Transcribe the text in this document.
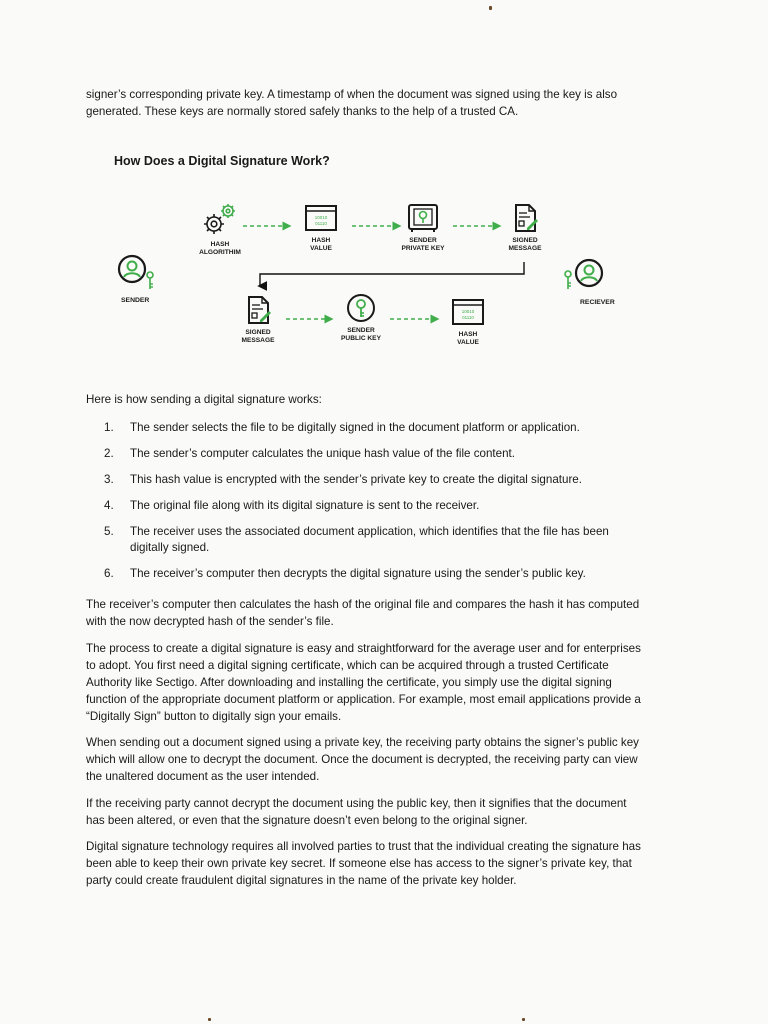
signer’s corresponding private key. A timestamp of when the document was signed using the key is also generated. These keys are normally stored safely thanks to the help of a trusted CA.
How Does a Digital Signature Work?
HASH
ALGORITHIM
10010
01110
HASH
VALUE
SENDER
PRIVATE KEY
SIGNED
MESSAGE
SIGNED
MESSAGE
SENDER
PUBLIC KEY
10010
01110
HASH
VALUE
SENDER	RECIEVER
Here is how sending a digital signature works:
1.	The sender selects the file to be digitally signed in the document platform or application.
2.	The sender’s computer calculates the unique hash value of the file content.
3.	This hash value is encrypted with the sender’s private key to create the digital signature.
4.	The original file along with its digital signature is sent to the receiver.
5.	The receiver uses the associated document application, which identifies that the file has been digitally signed.
6.	The receiver’s computer then decrypts the digital signature using the sender’s public key.
The receiver’s computer then calculates the hash of the original file and compares the hash it has computed with the now decrypted hash of the sender’s file.
The process to create a digital signature is easy and straightforward for the average user and for enterprises to adopt. You first need a digital signing certificate, which can be acquired through a trusted Certificate Authority like Sectigo. After downloading and installing the certificate, you simply use the digital signing function of the appropriate document platform or application. For example, most email applications provide a “Digitally Sign” button to digitally sign your emails.
When sending out a document signed using a private key, the receiving party obtains the signer’s public key which will allow one to decrypt the document. Once the document is decrypted, the receiving party can view the unaltered document as the user intended.
If the receiving party cannot decrypt the document using the public key, then it signifies that the document has been altered, or even that the signature doesn’t even belong to the original signer.
Digital signature technology requires all involved parties to trust that the individual creating the signature has been able to keep their own private key secret. If someone else has access to the signer’s private key, that party could create fraudulent digital signatures in the name of the private key holder.
